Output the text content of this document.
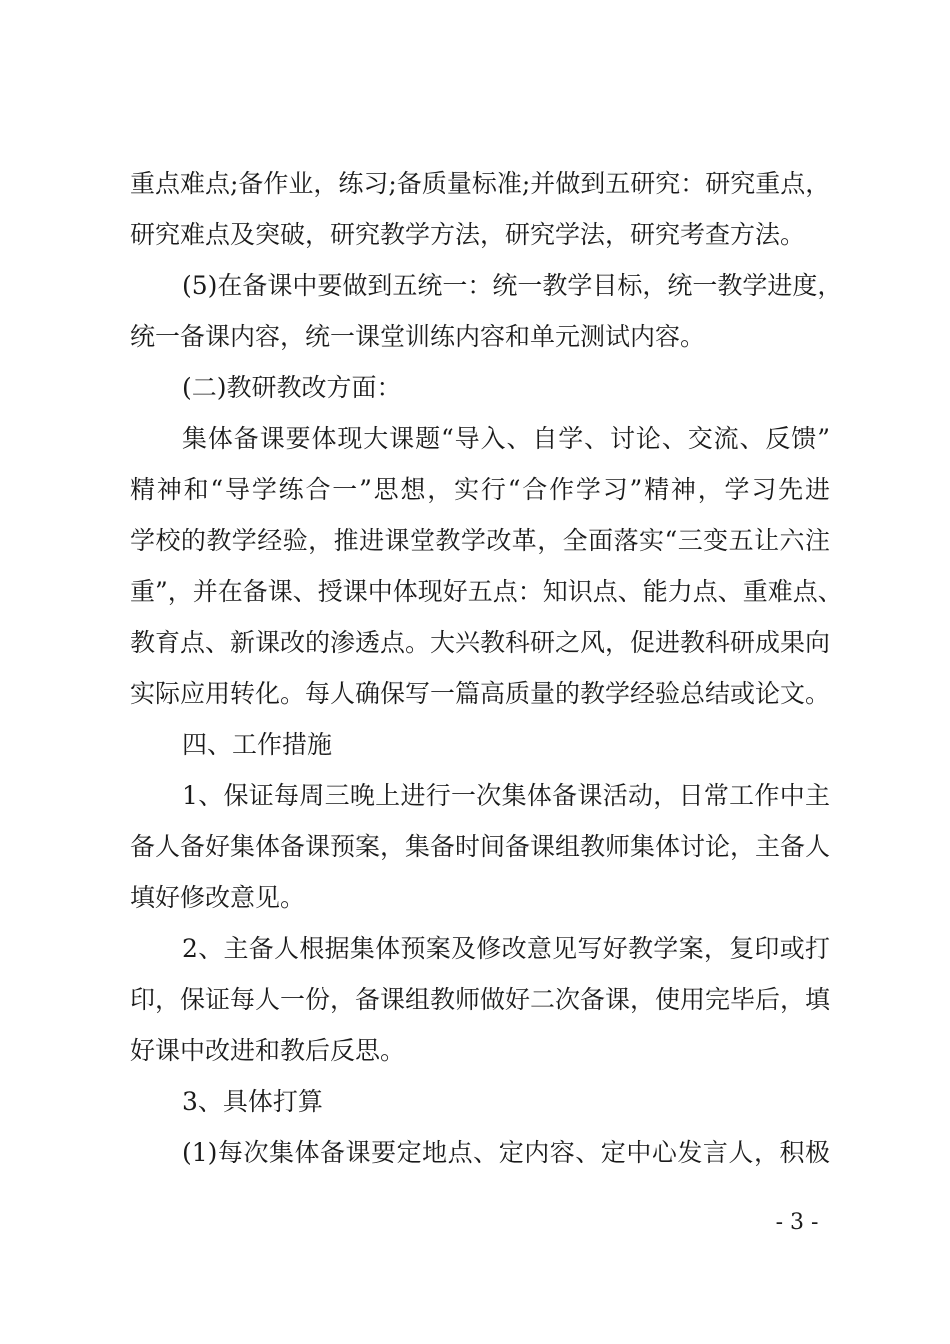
重点难点;备作业，练习;备质量标准;并做到五研究：研究重点，
研究难点及突破，研究教学方法，研究学法，研究考查方法。
(5)在备课中要做到五统一：统一教学目标，统一教学进度，
统一备课内容，统一课堂训练内容和单元测试内容。
(二)教研教改方面：
集体备课要体现大课题“导入、自学、讨论、交流、反馈”
精神和“导学练合一”思想，实行“合作学习”精神，学习先进
学校的教学经验，推进课堂教学改革，全面落实“三变五让六注
重”，并在备课、授课中体现好五点：知识点、能力点、重难点、
教育点、新课改的渗透点。大兴教科研之风，促进教科研成果向
实际应用转化。每人确保写一篇高质量的教学经验总结或论文。
四、工作措施
1、保证每周三晚上进行一次集体备课活动，日常工作中主
备人备好集体备课预案，集备时间备课组教师集体讨论，主备人
填好修改意见。
2、主备人根据集体预案及修改意见写好教学案，复印或打
印，保证每人一份，备课组教师做好二次备课，使用完毕后，填
好课中改进和教后反思。
3、具体打算
(1)每次集体备课要定地点、定内容、定中心发言人，积极
- 3 -
